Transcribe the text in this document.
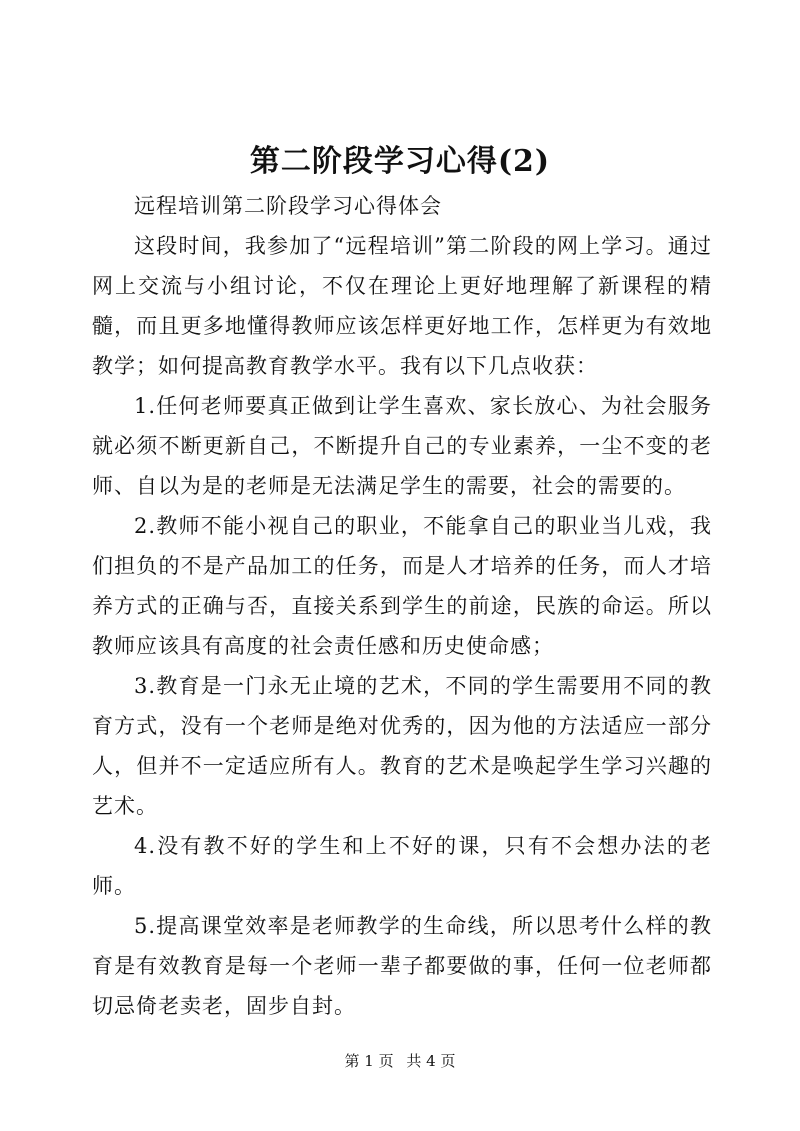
第二阶段学习心得(2)

远程培训第二阶段学习心得体会

这段时间，我参加了“远程培训”第二阶段的网上学习。通过网上交流与小组讨论，不仅在理论上更好地理解了新课程的精髓，而且更多地懂得教师应该怎样更好地工作，怎样更为有效地教学；如何提高教育教学水平。我有以下几点收获：

1.任何老师要真正做到让学生喜欢、家长放心、为社会服务就必须不断更新自己，不断提升自己的专业素养，一尘不变的老师、自以为是的老师是无法满足学生的需要，社会的需要的。

2.教师不能小视自己的职业，不能拿自己的职业当儿戏，我们担负的不是产品加工的任务，而是人才培养的任务，而人才培养方式的正确与否，直接关系到学生的前途，民族的命运。所以教师应该具有高度的社会责任感和历史使命感；

3.教育是一门永无止境的艺术，不同的学生需要用不同的教育方式，没有一个老师是绝对优秀的，因为他的方法适应一部分人，但并不一定适应所有人。教育的艺术是唤起学生学习兴趣的艺术。

4.没有教不好的学生和上不好的课，只有不会想办法的老师。

5.提高课堂效率是老师教学的生命线，所以思考什么样的教育是有效教育是每一个老师一辈子都要做的事，任何一位老师都切忌倚老卖老，固步自封。

第 1 页 共 4 页
